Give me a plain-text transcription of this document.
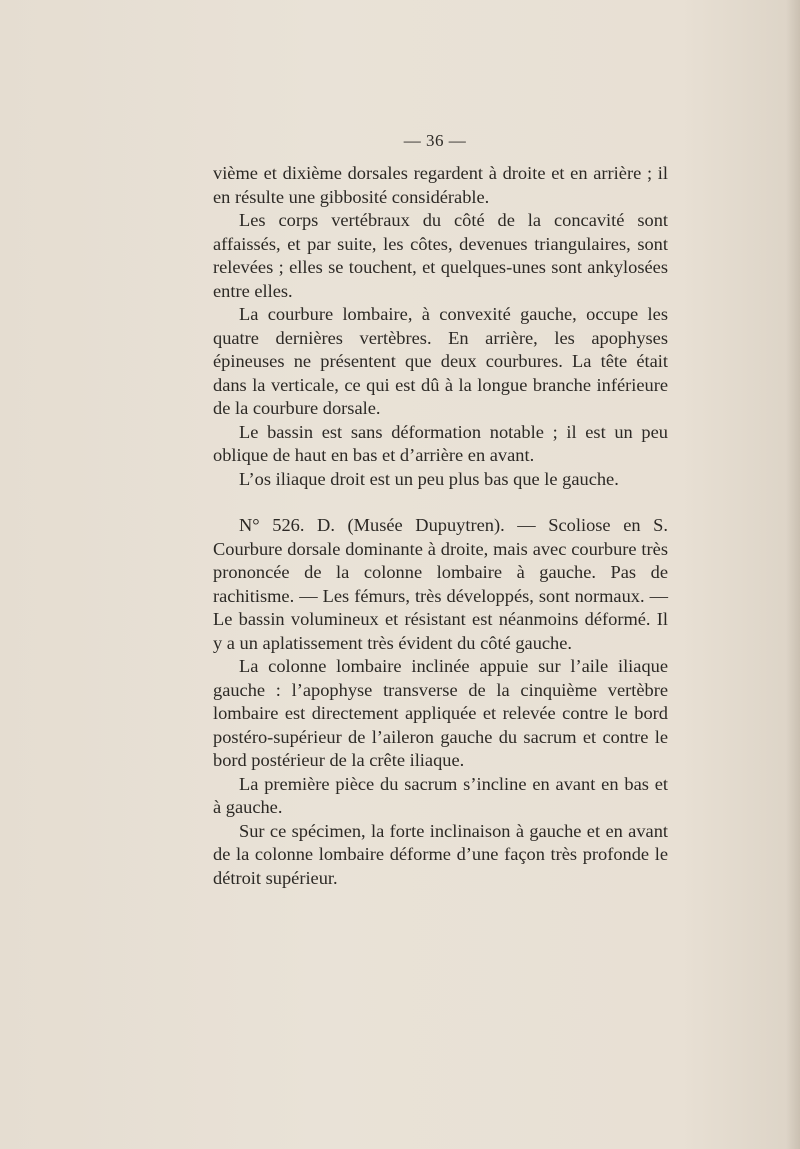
— 36 —

vième et dixième dorsales regardent à droite et en arrière ; il en résulte une gibbosité considérable.

Les corps vertébraux du côté de la concavité sont affaissés, et par suite, les côtes, devenues triangulaires, sont relevées ; elles se touchent, et quelques-unes sont ankylosées entre elles.

La courbure lombaire, à convexité gauche, occupe les quatre dernières vertèbres. En arrière, les apophyses épineuses ne présentent que deux courbures. La tête était dans la verticale, ce qui est dû à la longue branche inférieure de la courbure dorsale.

Le bassin est sans déformation notable ; il est un peu oblique de haut en bas et d’arrière en avant.

L’os iliaque droit est un peu plus bas que le gauche.

N° 526. D. (Musée Dupuytren). — Scoliose en S. Courbure dorsale dominante à droite, mais avec courbure très prononcée de la colonne lombaire à gauche. Pas de rachitisme. — Les fémurs, très développés, sont normaux. — Le bassin volumineux et résistant est néanmoins déformé. Il y a un aplatissement très évident du côté gauche.

La colonne lombaire inclinée appuie sur l’aile iliaque gauche : l’apophyse transverse de la cinquième vertèbre lombaire est directement appliquée et relevée contre le bord postéro-supérieur de l’aileron gauche du sacrum et contre le bord postérieur de la crête iliaque.

La première pièce du sacrum s’incline en avant en bas et à gauche.

Sur ce spécimen, la forte inclinaison à gauche et en avant de la colonne lombaire déforme d’une façon très profonde le détroit supérieur.
